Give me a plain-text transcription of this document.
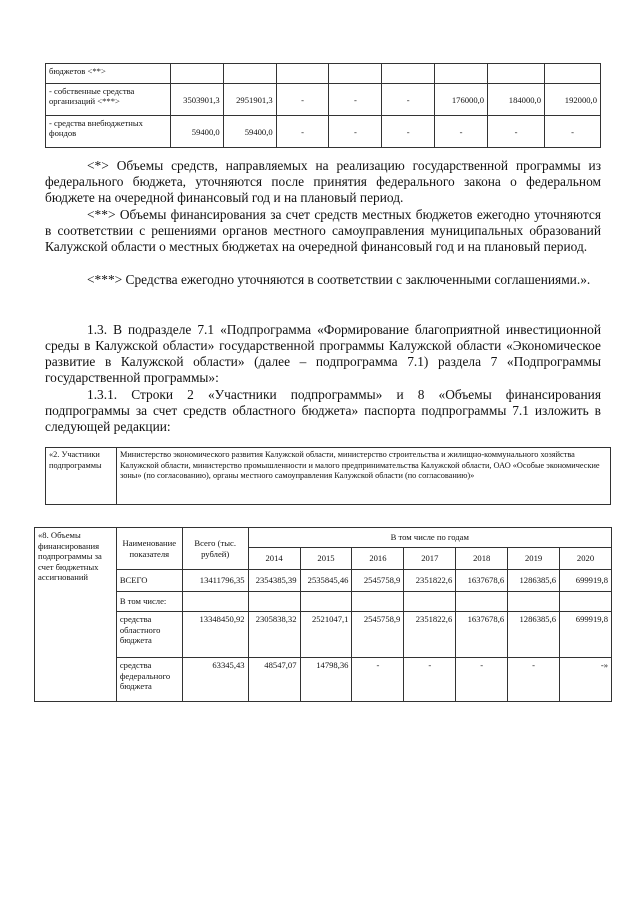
бюджетов <**>								
- собственные средства организаций <***>	3503901,3	2951901,3	-	-	-	176000,0	184000,0	192000,0
- средства внебюджетных фондов	59400,0	59400,0	-	-	-	-	-	-
<*> Объемы средств, направляемых на реализацию государственной программы из федерального бюджета, уточняются после принятия федерального закона о федеральном бюджете на очередной финансовый год и на плановый период.
<**> Объемы финансирования за счет средств местных бюджетов ежегодно уточняются в соответствии с решениями органов местного самоуправления муниципальных образований Калужской области о местных бюджетах на очередной финансовый год и на плановый период.
<***> Средства ежегодно уточняются в соответствии с заключенными соглашениями.».
1.3. В подразделе 7.1 «Подпрограмма «Формирование благоприятной инвестиционной среды в Калужской области» государственной программы Калужской области «Экономическое развитие в Калужской области» (далее – подпрограмма 7.1) раздела 7 «Подпрограммы государственной программы»:
1.3.1. Строки 2 «Участники подпрограммы» и 8 «Объемы финансирования подпрограммы за счет средств областного бюджета» паспорта подпрограммы 7.1 изложить в следующей редакции:
«2. Участники подпрограммы	Министерство экономического развития Калужской области, министерство строительства и жилищно-коммунального хозяйства Калужской области, министерство промышленности и малого предпринимательства Калужской области, ОАО «Особые экономические зоны» (по согласованию), органы местного самоуправления Калужской области (по согласованию)»
«8. Объемы финансирования подпрограммы за счет бюджетных ассигнований	Наименование показателя	Всего (тыс. рублей)	В том числе по годам						
			2014	2015	2016	2017	2018	2019	2020
	ВСЕГО	13411796,35	2354385,39	2535845,46	2545758,9	2351822,6	1637678,6	1286385,6	699919,8
	В том числе:								
	средства областного бюджета	13348450,92	2305838,32	2521047,1	2545758,9	2351822,6	1637678,6	1286385,6	699919,8
	средства федерального бюджета	63345,43	48547,07	14798,36	-	-	-	-	-»
